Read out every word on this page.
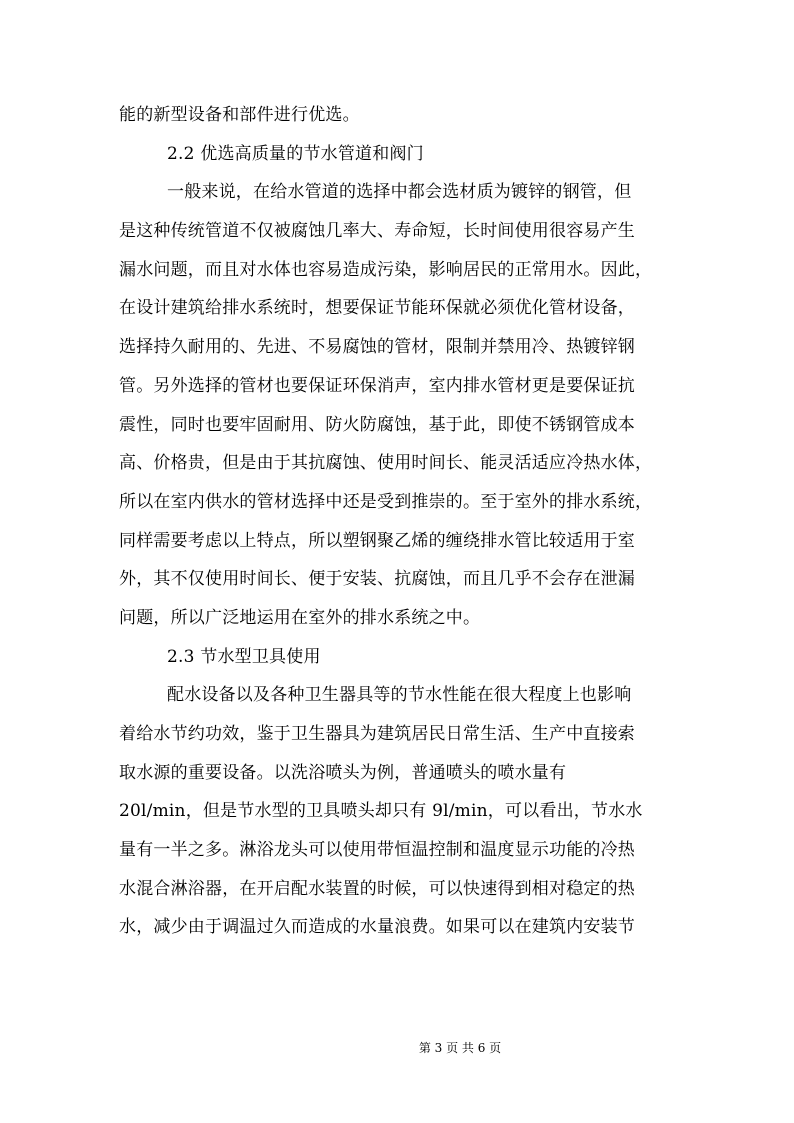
能的新型设备和部件进行优选。
2.2 优选高质量的节水管道和阀门
一般来说，在给水管道的选择中都会选材质为镀锌的钢管，但
是这种传统管道不仅被腐蚀几率大、寿命短，长时间使用很容易产生
漏水问题，而且对水体也容易造成污染，影响居民的正常用水。因此，
在设计建筑给排水系统时，想要保证节能环保就必须优化管材设备，
选择持久耐用的、先进、不易腐蚀的管材，限制并禁用冷、热镀锌钢
管。另外选择的管材也要保证环保消声，室内排水管材更是要保证抗
震性，同时也要牢固耐用、防火防腐蚀，基于此，即使不锈钢管成本
高、价格贵，但是由于其抗腐蚀、使用时间长、能灵活适应冷热水体，
所以在室内供水的管材选择中还是受到推崇的。至于室外的排水系统，
同样需要考虑以上特点，所以塑钢聚乙烯的缠绕排水管比较适用于室
外，其不仅使用时间长、便于安装、抗腐蚀，而且几乎不会存在泄漏
问题，所以广泛地运用在室外的排水系统之中。
2.3 节水型卫具使用
配水设备以及各种卫生器具等的节水性能在很大程度上也影响
着给水节约功效，鉴于卫生器具为建筑居民日常生活、生产中直接索
取水源的重要设备。以洗浴喷头为例，普通喷头的喷水量有
20l/min，但是节水型的卫具喷头却只有 9l/min，可以看出，节水水
量有一半之多。淋浴龙头可以使用带恒温控制和温度显示功能的冷热
水混合淋浴器，在开启配水装置的时候，可以快速得到相对稳定的热
水，减少由于调温过久而造成的水量浪费。如果可以在建筑内安装节
第 3 页 共 6 页
